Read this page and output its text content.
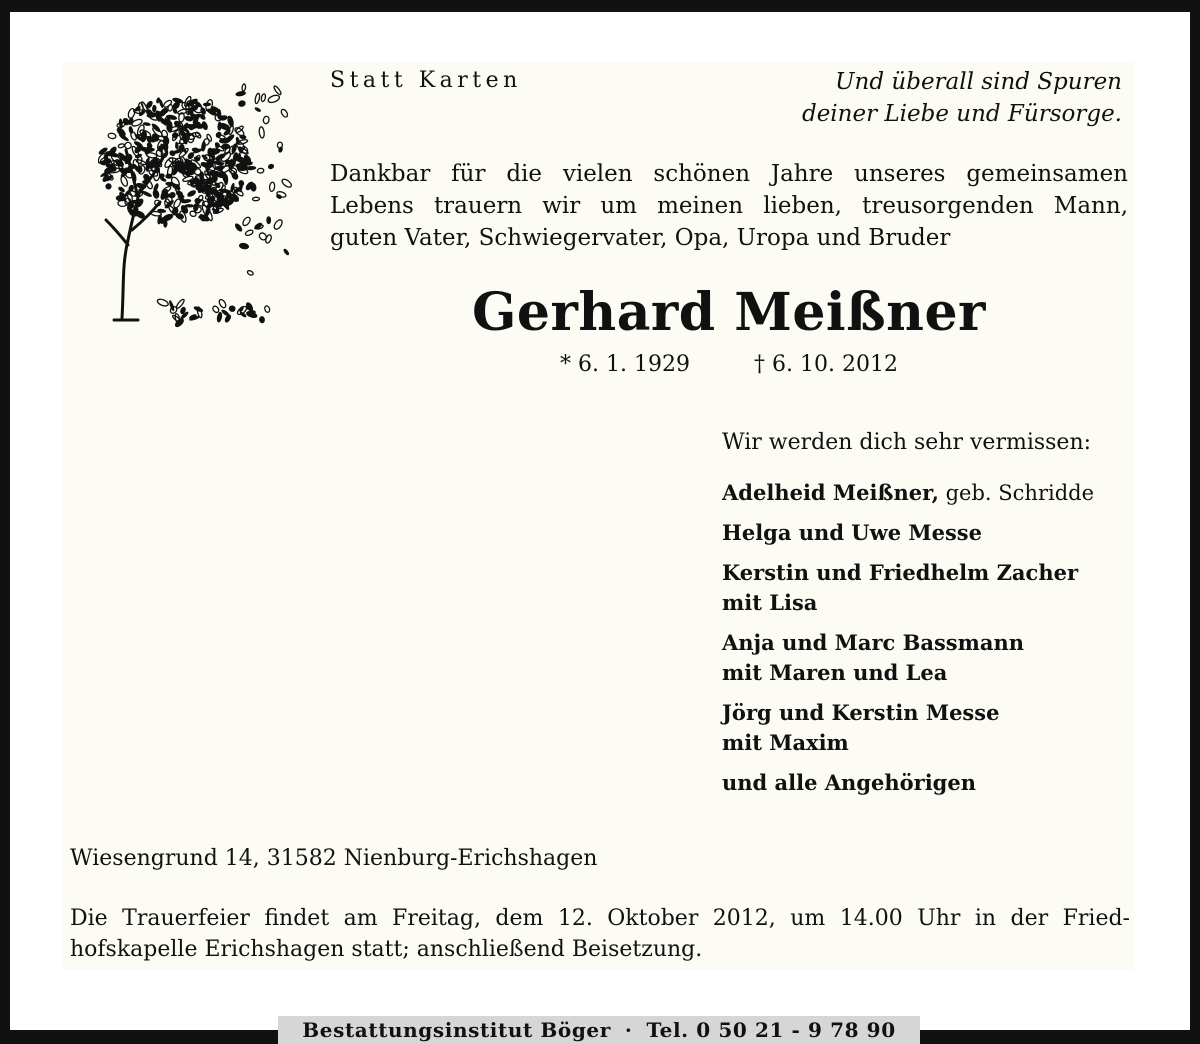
Statt Karten	Und überall sind Spuren
deiner Liebe und Fürsorge.
Dankbar für die vielen schönen Jahre unseres gemeinsamen
Lebens trauern wir um meinen lieben, treusorgenden Mann,
guten Vater, Schwiegervater, Opa, Uropa und Bruder
Gerhard Meißner
* 6. 1. 1929	† 6. 10. 2012
Wir werden dich sehr vermissen:
Adelheid Meißner, geb. Schridde
Helga und Uwe Messe
Kerstin und Friedhelm Zacher
mit Lisa
Anja und Marc Bassmann
mit Maren und Lea
Jörg und Kerstin Messe
mit Maxim
und alle Angehörigen
Wiesengrund 14, 31582 Nienburg-Erichshagen
Die Trauerfeier findet am Freitag, dem 12. Oktober 2012, um 14.00 Uhr in der Fried-
hofskapelle Erichshagen statt; anschließend Beisetzung.
Bestattungsinstitut Böger · Tel. 0 50 21 - 9 78 90
